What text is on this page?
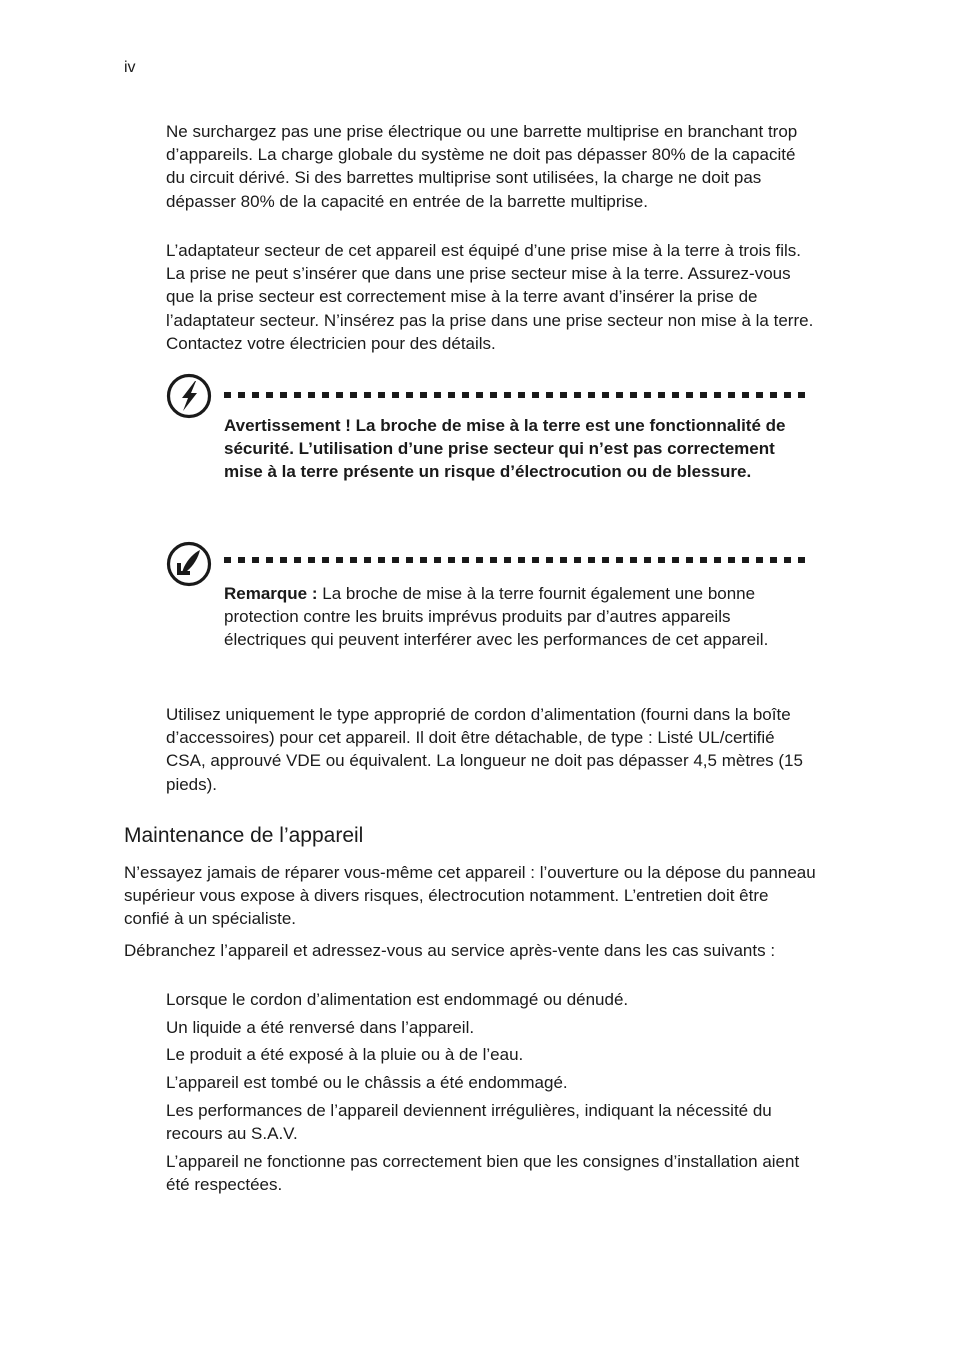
iv

Ne surchargez pas une prise électrique ou une barrette multiprise en branchant trop d’appareils. La charge globale du système ne doit pas dépasser 80% de la capacité du circuit dérivé. Si des barrettes multiprise sont utilisées, la charge ne doit pas dépasser 80% de la capacité en entrée de la barrette multiprise.

L’adaptateur secteur de cet appareil est équipé d’une prise mise à la terre à trois fils. La prise ne peut s’insérer que dans une prise secteur mise à la terre. Assurez-vous que la prise secteur est correctement mise à la terre avant d’insérer la prise de l’adaptateur secteur. N’insérez pas la prise dans une prise secteur non mise à la terre. Contactez votre électricien pour des détails.

Avertissement ! La broche de mise à la terre est une fonctionnalité de sécurité. L’utilisation d’une prise secteur qui n’est pas correctement mise à la terre présente un risque d’électrocution ou de blessure.

Remarque : La broche de mise à la terre fournit également une bonne protection contre les bruits imprévus produits par d’autres appareils électriques qui peuvent interférer avec les performances de cet appareil.

Utilisez uniquement le type approprié de cordon d’alimentation (fourni dans la boîte d’accessoires) pour cet appareil. Il doit être détachable, de type : Listé UL/certifié CSA, approuvé VDE ou équivalent. La longueur ne doit pas dépasser 4,5 mètres (15 pieds).

Maintenance de l’appareil

N’essayez jamais de réparer vous-même cet appareil : l’ouverture ou la dépose du panneau supérieur vous expose à divers risques, électrocution notamment. L’entretien doit être confié à un spécialiste.

Débranchez l’appareil et adressez-vous au service après-vente dans les cas suivants :

Lorsque le cordon d’alimentation est endommagé ou dénudé.
Un liquide a été renversé dans l’appareil.
Le produit a été exposé à la pluie ou à de l’eau.
L’appareil est tombé ou le châssis a été endommagé.
Les performances de l’appareil deviennent irrégulières, indiquant la nécessité du recours au S.A.V.
L’appareil ne fonctionne pas correctement bien que les consignes d’installation aient été respectées.
